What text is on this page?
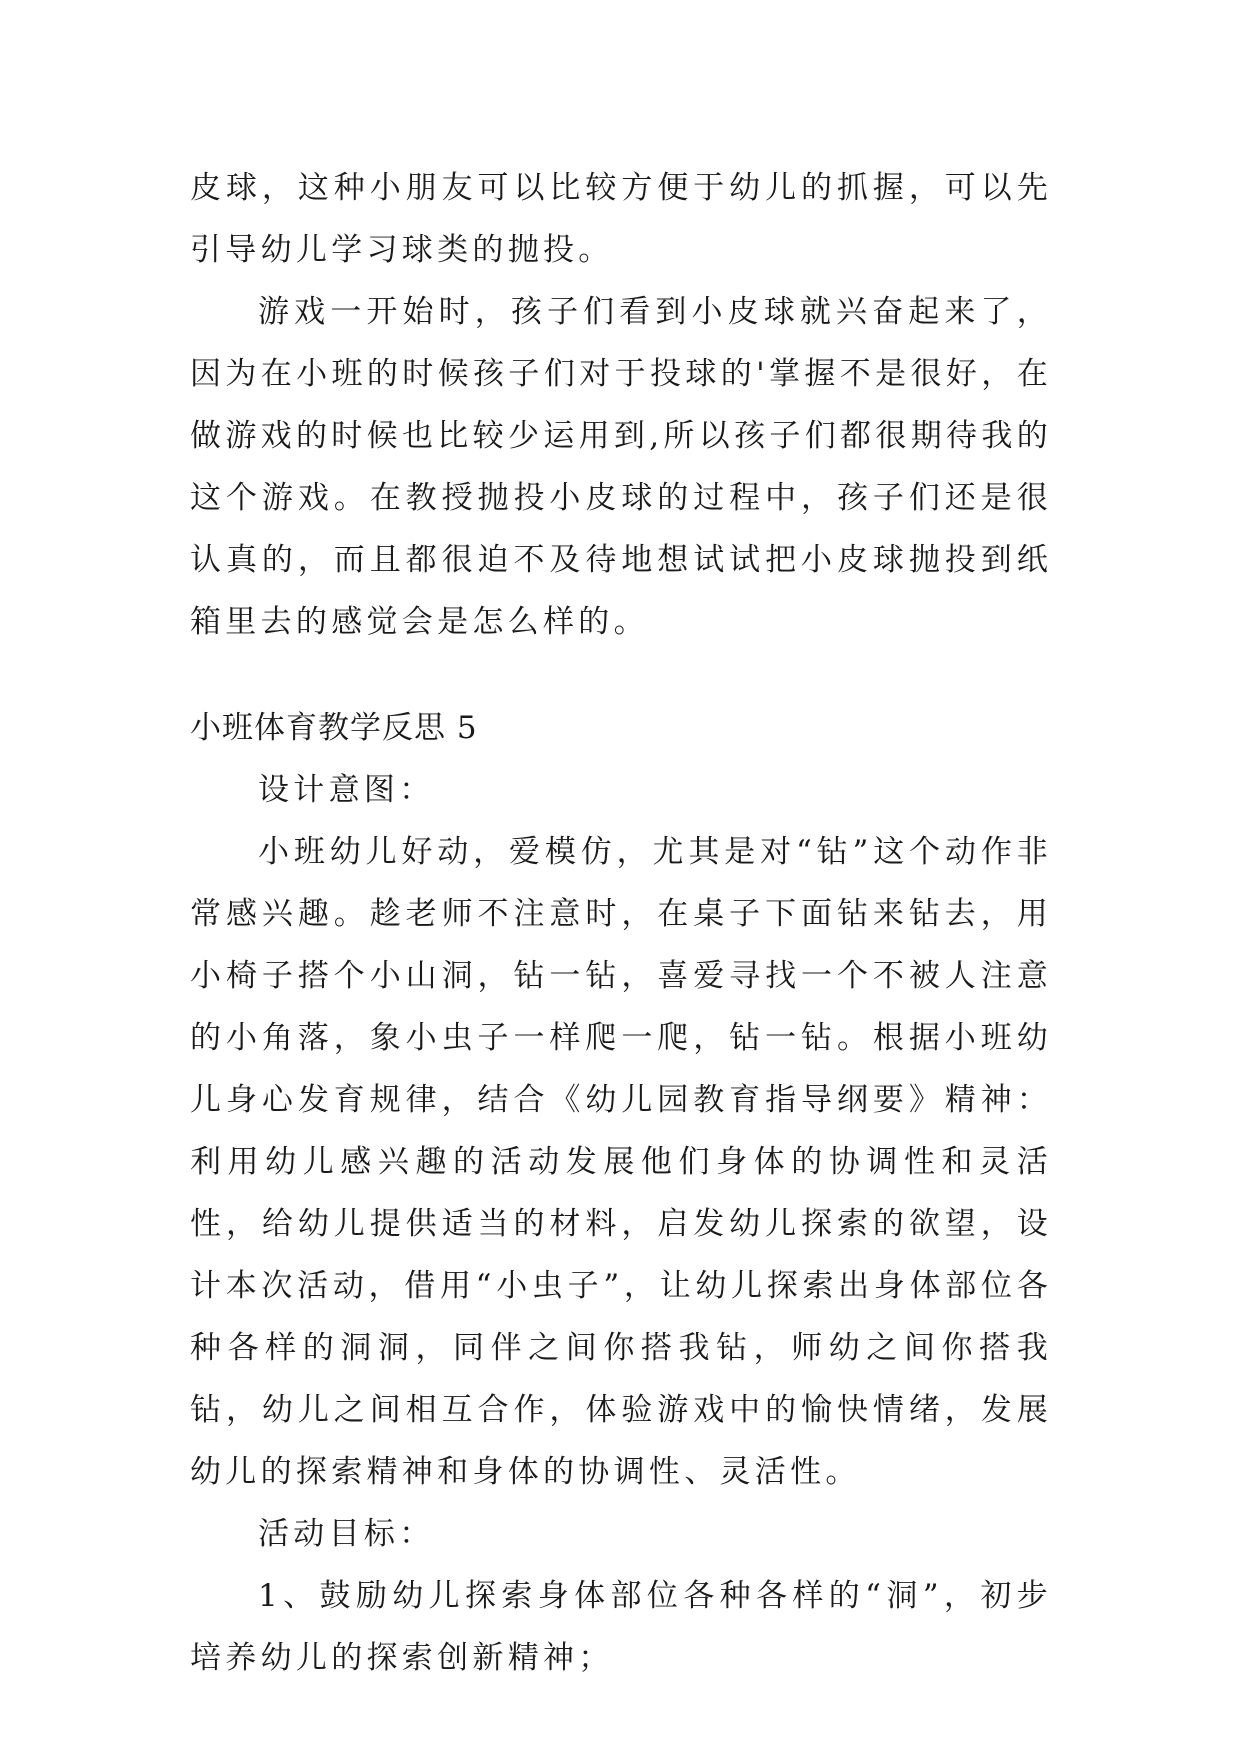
皮球，这种小朋友可以比较方便于幼儿的抓握，可以先引导幼儿学习球类的抛投。

游戏一开始时，孩子们看到小皮球就兴奋起来了，因为在小班的时候孩子们对于投球的'掌握不是很好，在做游戏的时候也比较少运用到,所以孩子们都很期待我的这个游戏。在教授抛投小皮球的过程中，孩子们还是很认真的，而且都很迫不及待地想试试把小皮球抛投到纸箱里去的感觉会是怎么样的。

小班体育教学反思 5

设计意图：

小班幼儿好动，爱模仿，尤其是对“钻”这个动作非常感兴趣。趁老师不注意时，在桌子下面钻来钻去，用小椅子搭个小山洞，钻一钻，喜爱寻找一个不被人注意的小角落，象小虫子一样爬一爬，钻一钻。根据小班幼儿身心发育规律，结合《幼儿园教育指导纲要》精神：利用幼儿感兴趣的活动发展他们身体的协调性和灵活性，给幼儿提供适当的材料，启发幼儿探索的欲望，设计本次活动，借用“小虫子”，让幼儿探索出身体部位各种各样的洞洞，同伴之间你搭我钻，师幼之间你搭我钻，幼儿之间相互合作，体验游戏中的愉快情绪，发展幼儿的探索精神和身体的协调性、灵活性。

活动目标：

1、鼓励幼儿探索身体部位各种各样的“洞”，初步培养幼儿的探索创新精神；
